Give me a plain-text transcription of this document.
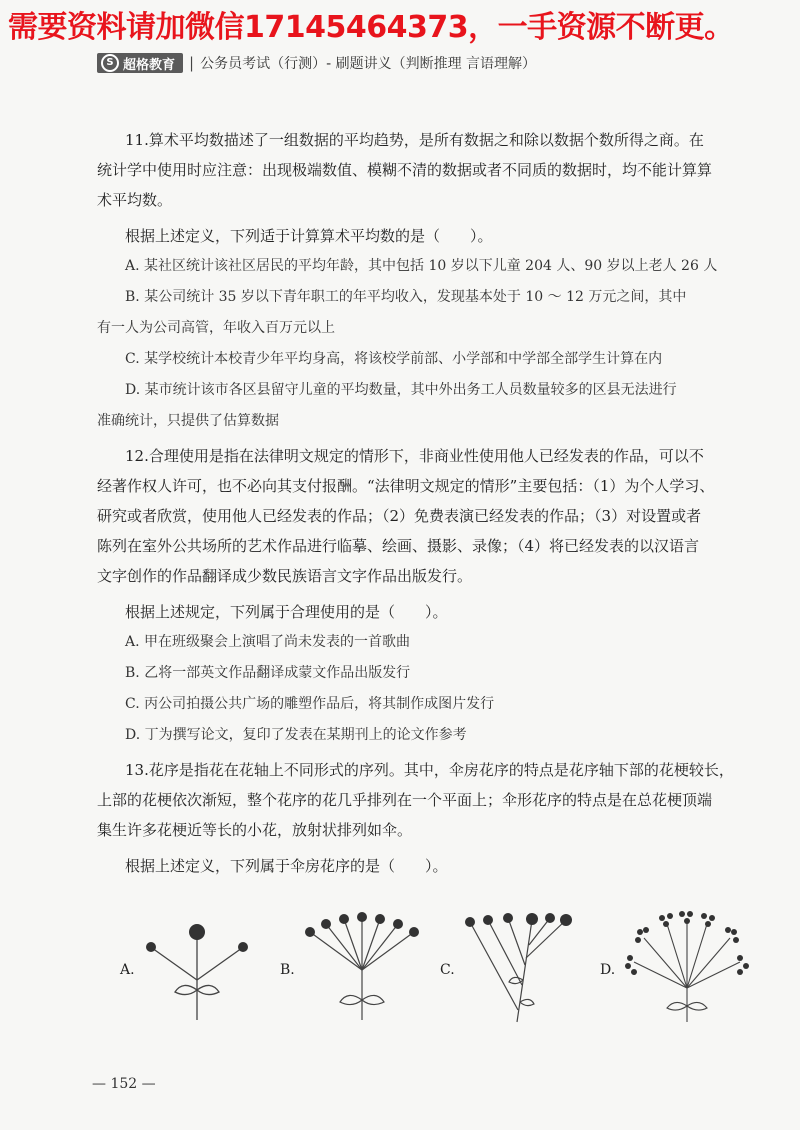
需要资料请加微信17145464373，一手资源不断更。
S 超格教育 | 公务员考试（行测）- 刷题讲义（判断推理 言语理解）

11.算术平均数描述了一组数据的平均趋势，是所有数据之和除以数据个数所得之商。在

统计学中使用时应注意：出现极端数值、模糊不清的数据或者不同质的数据时，均不能计算算

术平均数。

根据上述定义，下列适于计算算术平均数的是（　　）。

A. 某社区统计该社区居民的平均年龄，其中包括 10 岁以下儿童 204 人、90 岁以上老人 26 人

B. 某公司统计 35 岁以下青年职工的年平均收入，发现基本处于 10 ～ 12 万元之间，其中

有一人为公司高管，年收入百万元以上

C. 某学校统计本校青少年平均身高，将该校学前部、小学部和中学部全部学生计算在内

D. 某市统计该市各区县留守儿童的平均数量，其中外出务工人员数量较多的区县无法进行

准确统计，只提供了估算数据

12.合理使用是指在法律明文规定的情形下，非商业性使用他人已经发表的作品，可以不

经著作权人许可，也不必向其支付报酬。“法律明文规定的情形”主要包括：（1）为个人学习、

研究或者欣赏，使用他人已经发表的作品；（2）免费表演已经发表的作品；（3）对设置或者

陈列在室外公共场所的艺术作品进行临摹、绘画、摄影、录像；（4）将已经发表的以汉语言

文字创作的作品翻译成少数民族语言文字作品出版发行。

根据上述规定，下列属于合理使用的是（　　）。

A. 甲在班级聚会上演唱了尚未发表的一首歌曲

B. 乙将一部英文作品翻译成蒙文作品出版发行

C. 丙公司拍摄公共广场的雕塑作品后，将其制作成图片发行

D. 丁为撰写论文，复印了发表在某期刊上的论文作参考

13.花序是指花在花轴上不同形式的序列。其中，伞房花序的特点是花序轴下部的花梗较长，

上部的花梗依次渐短，整个花序的花几乎排列在一个平面上；伞形花序的特点是在总花梗顶端

集生许多花梗近等长的小花，放射状排列如伞。

根据上述定义，下列属于伞房花序的是（　　）。

A.	B.	C.	D.
— 152 —
